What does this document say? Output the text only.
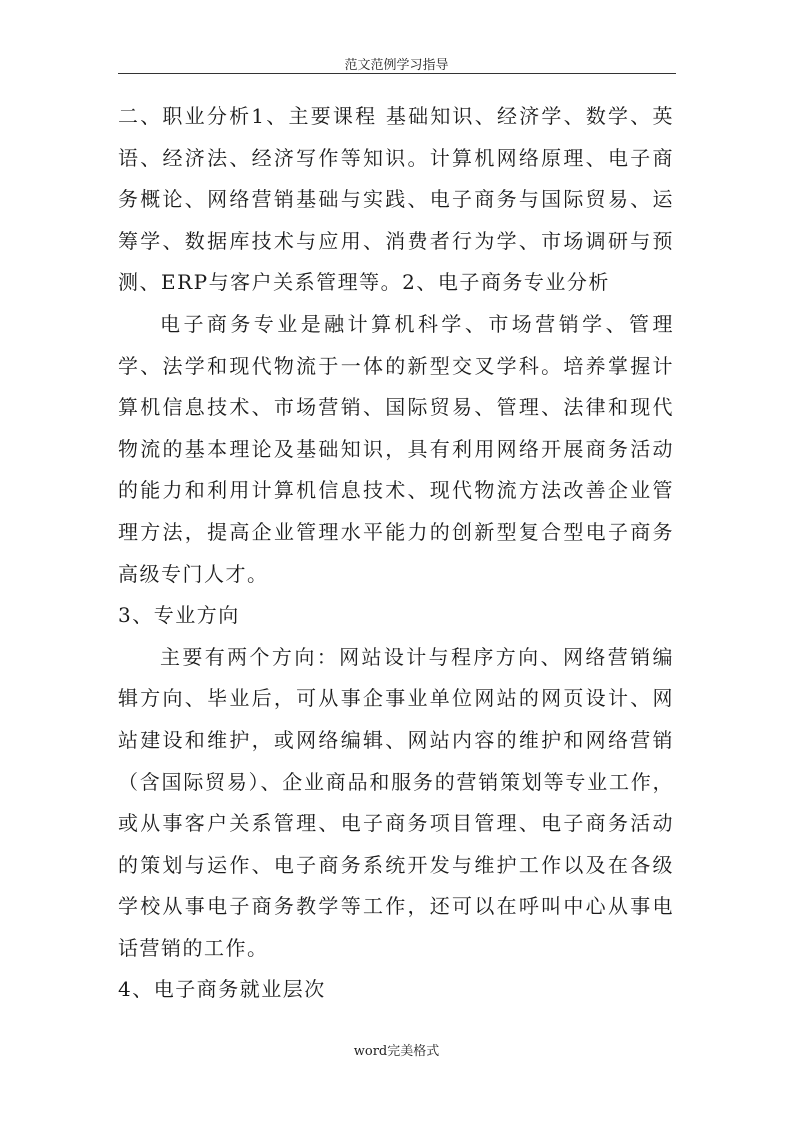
范文范例学习指导

二、职业分析1、主要课程 基础知识、经济学、数学、英语、经济法、经济写作等知识。计算机网络原理、电子商务概论、网络营销基础与实践、电子商务与国际贸易、运筹学、数据库技术与应用、消费者行为学、市场调研与预测、ERP与客户关系管理等。2、电子商务专业分析

电子商务专业是融计算机科学、市场营销学、管理学、法学和现代物流于一体的新型交叉学科。培养掌握计算机信息技术、市场营销、国际贸易、管理、法律和现代物流的基本理论及基础知识，具有利用网络开展商务活动的能力和利用计算机信息技术、现代物流方法改善企业管理方法，提高企业管理水平能力的创新型复合型电子商务高级专门人才。

3、专业方向

主要有两个方向：网站设计与程序方向、网络营销编辑方向、毕业后，可从事企事业单位网站的网页设计、网站建设和维护，或网络编辑、网站内容的维护和网络营销（含国际贸易）、企业商品和服务的营销策划等专业工作，或从事客户关系管理、电子商务项目管理、电子商务活动的策划与运作、电子商务系统开发与维护工作以及在各级学校从事电子商务教学等工作，还可以在呼叫中心从事电话营销的工作。

4、电子商务就业层次

word完美格式
